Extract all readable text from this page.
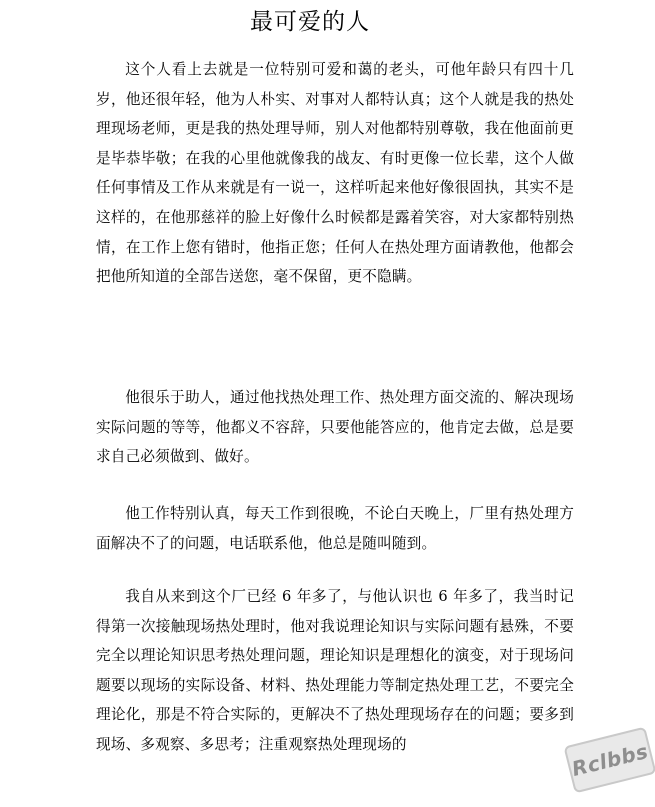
最可爱的人

这个人看上去就是一位特别可爱和蔼的老头，可他年龄只有四十几岁，他还很年轻，他为人朴实、对事对人都特认真；这个人就是我的热处理现场老师，更是我的热处理导师，别人对他都特别尊敬，我在他面前更是毕恭毕敬；在我的心里他就像我的战友、有时更像一位长辈，这个人做任何事情及工作从来就是有一说一，这样听起来他好像很固执，其实不是这样的，在他那慈祥的脸上好像什么时候都是露着笑容，对大家都特别热情，在工作上您有错时，他指正您；任何人在热处理方面请教他，他都会把他所知道的全部告送您，毫不保留，更不隐瞒。

他很乐于助人，通过他找热处理工作、热处理方面交流的、解决现场实际问题的等等，他都义不容辞，只要他能答应的，他肯定去做，总是要求自己必须做到、做好。

他工作特别认真，每天工作到很晚，不论白天晚上，厂里有热处理方面解决不了的问题，电话联系他，他总是随叫随到。

我自从来到这个厂已经 6 年多了，与他认识也 6 年多了，我当时记得第一次接触现场热处理时，他对我说理论知识与实际问题有悬殊，不要完全以理论知识思考热处理问题，理论知识是理想化的演变，对于现场问题要以现场的实际设备、材料、热处理能力等制定热处理工艺，不要完全理论化，那是不符合实际的，更解决不了热处理现场存在的问题；要多到现场、多观察、多思考；注重观察热处理现场的	Rclbbs
